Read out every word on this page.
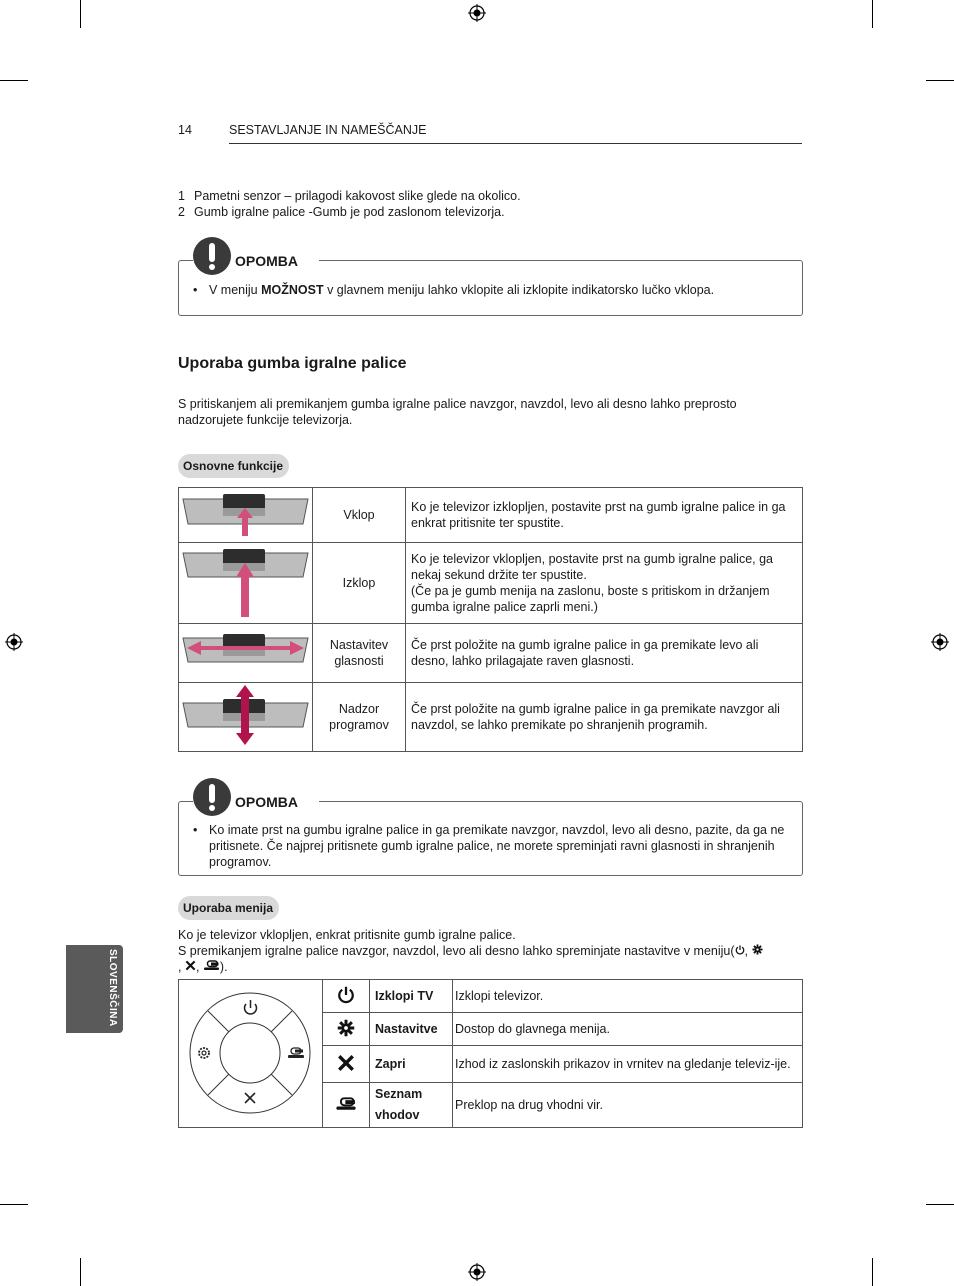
14	SESTAVLJANJE IN NAMEŠČANJE
1 Pametni senzor – prilagodi kakovost slike glede na okolico.
2 Gumb igralne palice -Gumb je pod zaslonom televizorja.
OPOMBA
• V meniju MOŽNOST v glavnem meniju lahko vklopite ali izklopite indikatorsko lučko vklopa.
Uporaba gumba igralne palice
S pritiskanjem ali premikanjem gumba igralne palice navzgor, navzdol, levo ali desno lahko preprosto nadzorujete funkcije televizorja.
Osnovne funkcije
	Vklop	Ko je televizor izklopljen, postavite prst na gumb igralne palice in ga enkrat pritisnite ter spustite.
	Izklop	Ko je televizor vklopljen, postavite prst na gumb igralne palice, ga nekaj sekund držite ter spustite.
(Če pa je gumb menija na zaslonu, boste s pritiskom in držanjem gumba igralne palice zaprli meni.)
	Nastavitev glasnosti	Če prst položite na gumb igralne palice in ga premikate levo ali desno, lahko prilagajate raven glasnosti.
	Nadzor programov	Če prst položite na gumb igralne palice in ga premikate navzgor ali navzdol, se lahko premikate po shranjenih programih.
OPOMBA
• Ko imate prst na gumbu igralne palice in ga premikate navzgor, navzdol, levo ali desno, pazite, da ga ne pritisnete. Če najprej pritisnete gumb igralne palice, ne morete spreminjati ravni glasnosti in shranjenih programov.
Uporaba menija
Ko je televizor vklopljen, enkrat pritisnite gumb igralne palice.
S premikanjem igralne palice navzgor, navzdol, levo ali desno lahko spreminjate nastavitve v meniju( ,
, , ).
		Izklopi TV	Izklopi televizor.
	Nastavitve	Dostop do glavnega menija.
	Zapri	Izhod iz zaslonskih prikazov in vrnitev na gledanje televiz-ije.
	Seznam vhodov	Preklop na drug vhodni vir.
SLOVENŠČINA
